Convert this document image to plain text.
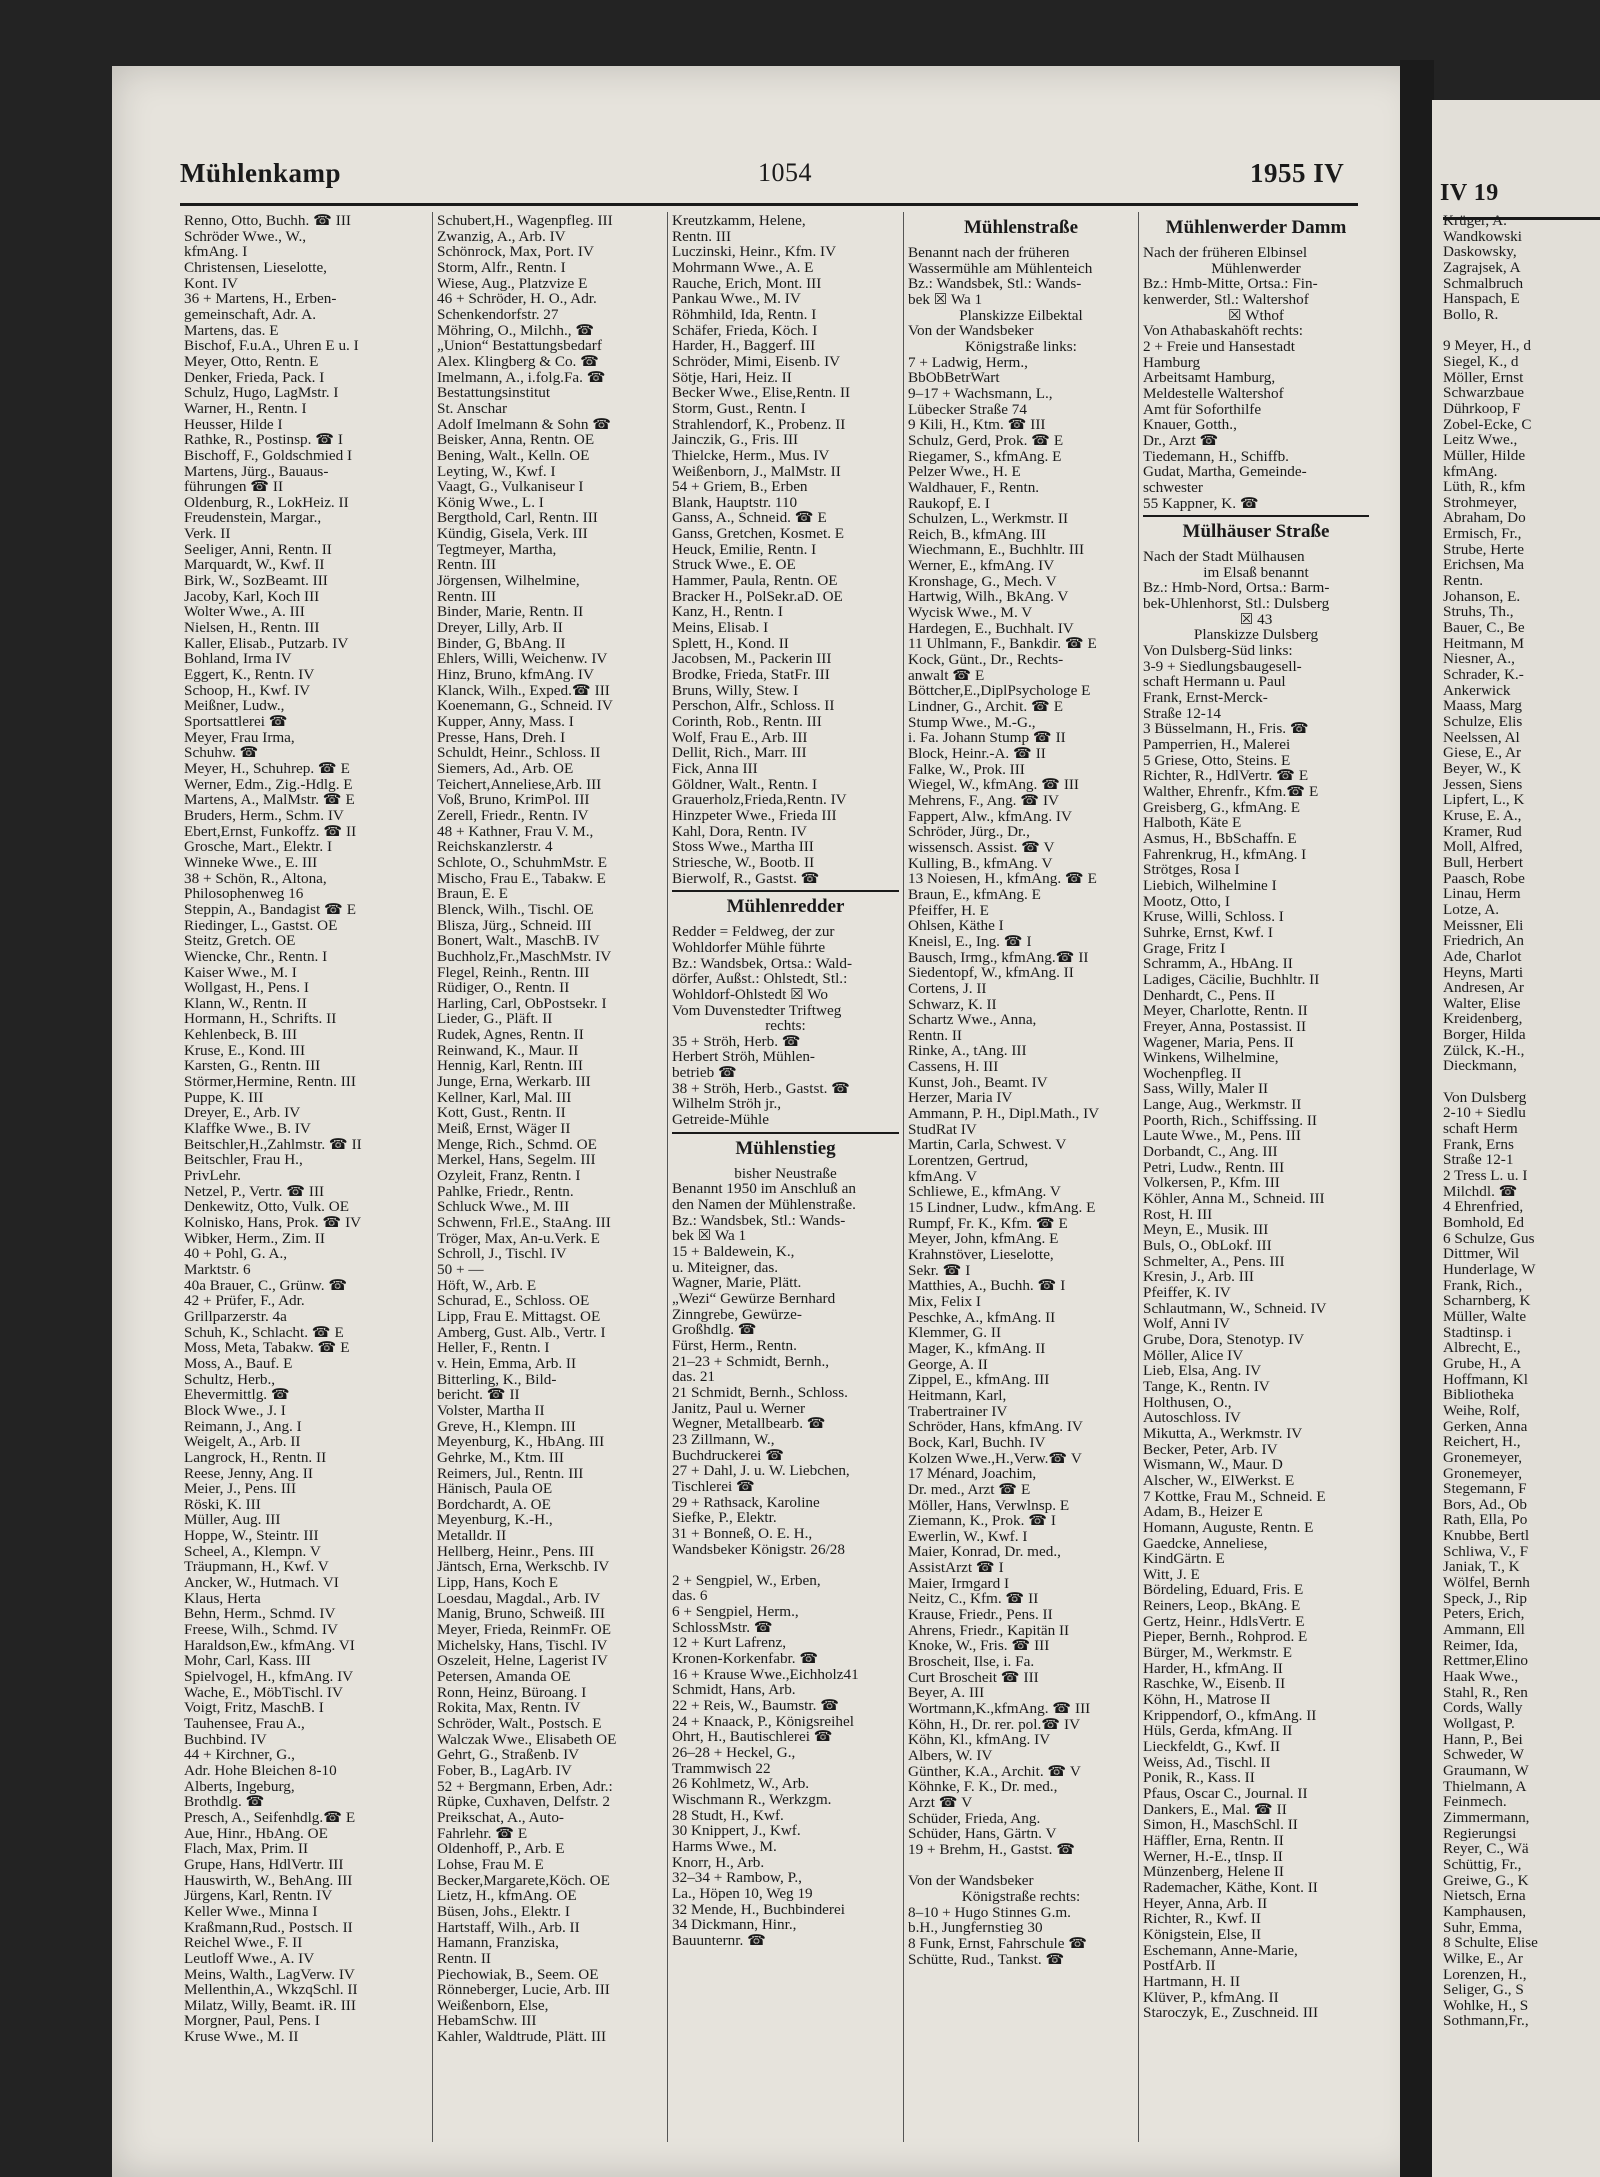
Mühlenkamp	1054	1955 IV
IV 19
Renno, Otto, Buchh. ☎ III
Schröder Wwe., W.,
kfmAng. I
Christensen, Lieselotte,
Kont. IV
36 + Martens, H., Erben-
gemeinschaft, Adr. A.
Martens, das. E
Bischof, F.u.A., Uhren E u. I
Meyer, Otto, Rentn. E
Denker, Frieda, Pack. I
Schulz, Hugo, LagMstr. I
Warner, H., Rentn. I
Heusser, Hilde I
Rathke, R., Postinsp. ☎ I
Bischoff, F., Goldschmied I
Martens, Jürg., Bauaus-
führungen ☎ II
Oldenburg, R., LokHeiz. II
Freudenstein, Margar.,
Verk. II
Seeliger, Anni, Rentn. II
Marquardt, W., Kwf. II
Birk, W., SozBeamt. III
Jacoby, Karl, Koch III
Wolter Wwe., A. III
Nielsen, H., Rentn. III
Kaller, Elisab., Putzarb. IV
Bohland, Irma IV
Eggert, K., Rentn. IV
Schoop, H., Kwf. IV
Meißner, Ludw.,
Sportsattlerei ☎
Meyer, Frau Irma,
Schuhw. ☎
Meyer, H., Schuhrep. ☎ E
Werner, Edm., Zig.-Hdlg. E
Martens, A., MalMstr. ☎ E
Bruders, Herm., Schm. IV
Ebert,Ernst, Funkoffz. ☎ II
Grosche, Mart., Elektr. I
Winneke Wwe., E. III
38 + Schön, R., Altona,
Philosophenweg 16
Steppin, A., Bandagist ☎ E
Riedinger, L., Gastst. OE
Steitz, Gretch. OE
Wiencke, Chr., Rentn. I
Kaiser Wwe., M. I
Wollgast, H., Pens. I
Klann, W., Rentn. II
Hormann, H., Schrifts. II
Kehlenbeck, B. III
Kruse, E., Kond. III
Karsten, G., Rentn. III
Störmer,Hermine, Rentn. III
Puppe, K. III
Dreyer, E., Arb. IV
Klaffke Wwe., B. IV
Beitschler,H.,Zahlmstr. ☎ II
Beitschler, Frau H.,
PrivLehr.
Netzel, P., Vertr. ☎ III
Denkewitz, Otto, Vulk. OE
Kolnisko, Hans, Prok. ☎ IV
Wibker, Herm., Zim. II
40 + Pohl, G. A.,
Marktstr. 6
40a Brauer, C., Grünw. ☎
42 + Prüfer, F., Adr.
Grillparzerstr. 4a
Schuh, K., Schlacht. ☎ E
Moss, Meta, Tabakw. ☎ E
Moss, A., Bauf. E
Schultz, Herb.,
Ehevermittlg. ☎
Block Wwe., J. I
Reimann, J., Ang. I
Weigelt, A., Arb. II
Langrock, H., Rentn. II
Reese, Jenny, Ang. II
Meier, J., Pens. III
Röski, K. III
Müller, Aug. III
Hoppe, W., Steintr. III
Scheel, A., Klempn. V
Träupmann, H., Kwf. V
Ancker, W., Hutmach. VI
Klaus, Herta
Behn, Herm., Schmd. IV
Freese, Wilh., Schmd. IV
Haraldson,Ew., kfmAng. VI
Mohr, Carl, Kass. III
Spielvogel, H., kfmAng. IV
Wache, E., MöbTischl. IV
Voigt, Fritz, MaschB. I
Tauhensee, Frau A.,
Buchbind. IV
44 + Kirchner, G.,
Adr. Hohe Bleichen 8-10
Alberts, Ingeburg,
Brothdlg. ☎
Presch, A., Seifenhdlg.☎ E
Aue, Hinr., HbAng. OE
Flach, Max, Prim. II
Grupe, Hans, HdlVertr. III
Hauswirth, W., BehAng. III
Jürgens, Karl, Rentn. IV
Keller Wwe., Minna I
Kraßmann,Rud., Postsch. II
Reichel Wwe., F. II
Leutloff Wwe., A. IV
Meins, Walth., LagVerw. IV
Mellenthin,A., WkzqSchl. II
Milatz, Willy, Beamt. iR. III
Morgner, Paul, Pens. I
Kruse Wwe., M. II
Schubert,H., Wagenpfleg. III
Zwanzig, A., Arb. IV
Schönrock, Max, Port. IV
Storm, Alfr., Rentn. I
Wiese, Aug., Platzvize E
46 + Schröder, H. O., Adr.
Schenkendorfstr. 27
Möhring, O., Milchh., ☎
„Union“ Bestattungsbedarf
Alex. Klingberg & Co. ☎
Imelmann, A., i.folg.Fa. ☎
Bestattungsinstitut
St. Anschar
Adolf Imelmann & Sohn ☎
Beisker, Anna, Rentn. OE
Bening, Walt., Kelln. OE
Leyting, W., Kwf. I
Vaagt, G., Vulkaniseur I
König Wwe., L. I
Bergthold, Carl, Rentn. III
Kündig, Gisela, Verk. III
Tegtmeyer, Martha,
Rentn. III
Jörgensen, Wilhelmine,
Rentn. III
Binder, Marie, Rentn. II
Dreyer, Lilly, Arb. II
Binder, G, BbAng. II
Ehlers, Willi, Weichenw. IV
Hinz, Bruno, kfmAng. IV
Klanck, Wilh., Exped.☎ III
Koenemann, G., Schneid. IV
Kupper, Anny, Mass. I
Presse, Hans, Dreh. I
Schuldt, Heinr., Schloss. II
Siemers, Ad., Arb. OE
Teichert,Anneliese,Arb. III
Voß, Bruno, KrimPol. III
Zerell, Friedr., Rentn. IV
48 + Kathner, Frau V. M.,
Reichskanzlerstr. 4
Schlote, O., SchuhmMstr. E
Mischo, Frau E., Tabakw. E
Braun, E. E
Blenck, Wilh., Tischl. OE
Blisza, Jürg., Schneid. III
Bonert, Walt., MaschB. IV
Buchholz,Fr.,MaschMstr. IV
Flegel, Reinh., Rentn. III
Rüdiger, O., Rentn. II
Harling, Carl, ObPostsekr. I
Lieder, G., Pläft. II
Rudek, Agnes, Rentn. II
Reinwand, K., Maur. II
Hennig, Karl, Rentn. III
Junge, Erna, Werkarb. III
Kellner, Karl, Mal. III
Kott, Gust., Rentn. II
Meiß, Ernst, Wäger II
Menge, Rich., Schmd. OE
Merkel, Hans, Segelm. III
Ozyleit, Franz, Rentn. I
Pahlke, Friedr., Rentn.
Schluck Wwe., M. III
Schwenn, Frl.E., StaAng. III
Tröger, Max, An-u.Verk. E
Schroll, J., Tischl. IV
50 + —
Höft, W., Arb. E
Schurad, E., Schloss. OE
Lipp, Frau E. Mittagst. OE
Amberg, Gust. Alb., Vertr. I
Heller, F., Rentn. I
v. Hein, Emma, Arb. II
Bitterling, K., Bild-
bericht. ☎ II
Volster, Martha II
Greve, H., Klempn. III
Meyenburg, K., HbAng. III
Gehrke, M., Ktm. III
Reimers, Jul., Rentn. III
Hänisch, Paula OE
Bordchardt, A. OE
Meyenburg, K.-H.,
Metalldr. II
Hellberg, Heinr., Pens. III
Jäntsch, Erna, Werkschb. IV
Lipp, Hans, Koch E
Loesdau, Magdal., Arb. IV
Manig, Bruno, Schweiß. III
Meyer, Frieda, ReinmFr. OE
Michelsky, Hans, Tischl. IV
Oszeleit, Helne, Lagerist IV
Petersen, Amanda OE
Ronn, Heinz, Büroang. I
Rokita, Max, Rentn. IV
Schröder, Walt., Postsch. E
Walczak Wwe., Elisabeth OE
Gehrt, G., Straßenb. IV
Fober, B., LagArb. IV
52 + Bergmann, Erben, Adr.:
Rüpke, Cuxhaven, Delfstr. 2
Preikschat, A., Auto-
Fahrlehr. ☎ E
Oldenhoff, P., Arb. E
Lohse, Frau M. E
Becker,Margarete,Köch. OE
Lietz, H., kfmAng. OE
Büsen, Johs., Elektr. I
Hartstaff, Wilh., Arb. II
Hamann, Franziska,
Rentn. II
Piechowiak, B., Seem. OE
Rönneberger, Lucie, Arb. III
Weißenborn, Else,
HebamSchw. III
Kahler, Waldtrude, Plätt. III
Kreutzkamm, Helene,
Rentn. III
Luczinski, Heinr., Kfm. IV
Mohrmann Wwe., A. E
Rauche, Erich, Mont. III
Pankau Wwe., M. IV
Röhmhild, Ida, Rentn. I
Schäfer, Frieda, Köch. I
Harder, H., Baggerf. III
Schröder, Mimi, Eisenb. IV
Sötje, Hari, Heiz. II
Becker Wwe., Elise,Rentn. II
Storm, Gust., Rentn. I
Strahlendorf, K., Probenz. II
Jainczik, G., Fris. III
Thielcke, Herm., Mus. IV
Weißenborn, J., MalMstr. II
54 + Griem, B., Erben
Blank, Hauptstr. 110
Ganss, A., Schneid. ☎ E
Ganss, Gretchen, Kosmet. E
Heuck, Emilie, Rentn. I
Struck Wwe., E. OE
Hammer, Paula, Rentn. OE
Bracker H., PolSekr.aD. OE
Kanz, H., Rentn. I
Meins, Elisab. I
Splett, H., Kond. II
Jacobsen, M., Packerin III
Brodke, Frieda, StatFr. III
Bruns, Willy, Stew. I
Perschon, Alfr., Schloss. II
Corinth, Rob., Rentn. III
Wolf, Frau E., Arb. III
Dellit, Rich., Marr. III
Fick, Anna III
Göldner, Walt., Rentn. I
Grauerholz,Frieda,Rentn. IV
Hinzpeter Wwe., Frieda III
Kahl, Dora, Rentn. IV
Stoss Wwe., Martha III
Striesche, W., Bootb. II
Bierwolf, R., Gastst. ☎
Mühlenredder
Redder = Feldweg, der zur
Wohldorfer Mühle führte
Bz.: Wandsbek, Ortsa.: Wald-
dörfer, Außst.: Ohlstedt, Stl.:
Wohldorf-Ohlstedt ☒ Wo
Vom Duvenstedter Triftweg
rechts:
35 + Ströh, Herb. ☎
Herbert Ströh, Mühlen-
betrieb ☎
38 + Ströh, Herb., Gastst. ☎
Wilhelm Ströh jr.,
Getreide-Mühle
Mühlenstieg
bisher Neustraße
Benannt 1950 im Anschluß an
den Namen der Mühlenstraße.
Bz.: Wandsbek, Stl.: Wands-
bek ☒ Wa 1
15 + Baldewein, K.,
u. Miteigner, das.
Wagner, Marie, Plätt.
„Wezi“ Gewürze Bernhard
Zinngrebe, Gewürze-
Großhdlg. ☎
Fürst, Herm., Rentn.
21–23 + Schmidt, Bernh.,
das. 21
21 Schmidt, Bernh., Schloss.
Janitz, Paul u. Werner
Wegner, Metallbearb. ☎
23 Zillmann, W.,
Buchdruckerei ☎
27 + Dahl, J. u. W. Liebchen,
Tischlerei ☎
29 + Rathsack, Karoline
Siefke, P., Elektr.
31 + Bonneß, O. E. H.,
Wandsbeker Königstr. 26/28

2 + Sengpiel, W., Erben,
das. 6
6 + Sengpiel, Herm.,
SchlossMstr. ☎
12 + Kurt Lafrenz,
Kronen-Korkenfabr. ☎
16 + Krause Wwe.,Eichholz41
Schmidt, Hans, Arb.
22 + Reis, W., Baumstr. ☎
24 + Knaack, P., Königsreihel
Ohrt, H., Bautischlerei ☎
26–28 + Heckel, G.,
Trammwisch 22
26 Kohlmetz, W., Arb.
Wischmann R., Werkzgm.
28 Studt, H., Kwf.
30 Knippert, J., Kwf.
Harms Wwe., M.
Knorr, H., Arb.
32–34 + Rambow, P.,
La., Höpen 10, Weg 19
32 Mende, H., Buchbinderei
34 Dickmann, Hinr.,
Bauunternr. ☎
Mühlenstraße
Benannt nach der früheren
Wassermühle am Mühlenteich
Bz.: Wandsbek, Stl.: Wands-
bek ☒ Wa 1
Planskizze Eilbektal
Von der Wandsbeker
Königstraße links:
7 + Ladwig, Herm.,
BbObBetrWart
9–17 + Wachsmann, L.,
Lübecker Straße 74
9 Kili, H., Ktm. ☎ III
Schulz, Gerd, Prok. ☎ E
Riegamer, S., kfmAng. E
Pelzer Wwe., H. E
Waldhauer, F., Rentn.
Raukopf, E. I
Schulzen, L., Werkmstr. II
Reich, B., kfmAng. III
Wiechmann, E., Buchhltr. III
Werner, E., kfmAng. IV
Kronshage, G., Mech. V
Hartwig, Wilh., BkAng. V
Wycisk Wwe., M. V
Hardegen, E., Buchhalt. IV
11 Uhlmann, F., Bankdir. ☎ E
Kock, Günt., Dr., Rechts-
anwalt ☎ E
Böttcher,E.,DiplPsychologe E
Lindner, G., Archit. ☎ E
Stump Wwe., M.-G.,
i. Fa. Johann Stump ☎ II
Block, Heinr.-A. ☎ II
Falke, W., Prok. III
Wiegel, W., kfmAng. ☎ III
Mehrens, F., Ang. ☎ IV
Fappert, Alw., kfmAng. IV
Schröder, Jürg., Dr.,
wissensch. Assist. ☎ V
Kulling, B., kfmAng. V
13 Noiesen, H., kfmAng. ☎ E
Braun, E., kfmAng. E
Pfeiffer, H. E
Ohlsen, Käthe I
Kneisl, E., Ing. ☎ I
Bausch, Irmg., kfmAng.☎ II
Siedentopf, W., kfmAng. II
Cortens, J. II
Schwarz, K. II
Schartz Wwe., Anna,
Rentn. II
Rinke, A., tAng. III
Cassens, H. III
Kunst, Joh., Beamt. IV
Herzer, Maria IV
Ammann, P. H., Dipl.Math., IV
StudRat IV
Martin, Carla, Schwest. V
Lorentzen, Gertrud,
kfmAng. V
Schliewe, E., kfmAng. V
15 Lindner, Ludw., kfmAng. E
Rumpf, Fr. K., Kfm. ☎ E
Meyer, John, kfmAng. E
Krahnstöver, Lieselotte,
Sekr. ☎ I
Matthies, A., Buchh. ☎ I
Mix, Felix I
Peschke, A., kfmAng. II
Klemmer, G. II
Mager, K., kfmAng. II
George, A. II
Zippel, E., kfmAng. III
Heitmann, Karl,
Trabertrainer IV
Schröder, Hans, kfmAng. IV
Bock, Karl, Buchh. IV
Kolzen Wwe.,H.,Verw.☎ V
17 Ménard, Joachim,
Dr. med., Arzt ☎ E
Möller, Hans, Verwlnsp. E
Ziemann, K., Prok. ☎ I
Ewerlin, W., Kwf. I
Maier, Konrad, Dr. med.,
AssistArzt ☎ I
Maier, Irmgard I
Neitz, C., Kfm. ☎ II
Krause, Friedr., Pens. II
Ahrens, Friedr., Kapitän II
Knoke, W., Fris. ☎ III
Broscheit, Ilse, i. Fa.
Curt Broscheit ☎ III
Beyer, A. III
Wortmann,K.,kfmAng. ☎ III
Köhn, H., Dr. rer. pol.☎ IV
Köhn, Kl., kfmAng. IV
Albers, W. IV
Günther, K.A., Archit. ☎ V
Köhnke, F. K., Dr. med.,
Arzt ☎ V
Schüder, Frieda, Ang.
Schüder, Hans, Gärtn. V
19 + Brehm, H., Gastst. ☎

Von der Wandsbeker
Königstraße rechts:
8–10 + Hugo Stinnes G.m.
b.H., Jungfernstieg 30
8 Funk, Ernst, Fahrschule ☎
Schütte, Rud., Tankst. ☎
Mühlenwerder Damm
Nach der früheren Elbinsel
Mühlenwerder
Bz.: Hmb-Mitte, Ortsa.: Fin-
kenwerder, Stl.: Waltershof
☒ Wthof
Von Athabaskahöft rechts:
2 + Freie und Hansestadt
Hamburg
Arbeitsamt Hamburg,
Meldestelle Waltershof
Amt für Soforthilfe
Knauer, Gotth.,
Dr., Arzt ☎
Tiedemann, H., Schiffb.
Gudat, Martha, Gemeinde-
schwester
55 Kappner, K. ☎
Mülhäuser Straße
Nach der Stadt Mülhausen
im Elsaß benannt
Bz.: Hmb-Nord, Ortsa.: Barm-
bek-Uhlenhorst, Stl.: Dulsberg
☒ 43
Planskizze Dulsberg
Von Dulsberg-Süd links:
3-9 + Siedlungsbaugesell-
schaft Hermann u. Paul
Frank, Ernst-Merck-
Straße 12-14
3 Büsselmann, H., Fris. ☎
Pamperrien, H., Malerei
5 Griese, Otto, Steins. E
Richter, R., HdlVertr. ☎ E
Walther, Ehrenfr., Kfm.☎ E
Greisberg, G., kfmAng. E
Halboth, Käte E
Asmus, H., BbSchaffn. E
Fahrenkrug, H., kfmAng. I
Strötges, Rosa I
Liebich, Wilhelmine I
Mootz, Otto, I
Kruse, Willi, Schloss. I
Suhrke, Ernst, Kwf. I
Grage, Fritz I
Schramm, A., HbAng. II
Ladiges, Cäcilie, Buchhltr. II
Denhardt, C., Pens. II
Meyer, Charlotte, Rentn. II
Freyer, Anna, Postassist. II
Wagener, Maria, Pens. II
Winkens, Wilhelmine,
Wochenpfleg. II
Sass, Willy, Maler II
Lange, Aug., Werkmstr. II
Poorth, Rich., Schiffssing. II
Laute Wwe., M., Pens. III
Dorbandt, C., Ang. III
Petri, Ludw., Rentn. III
Volkersen, P., Kfm. III
Köhler, Anna M., Schneid. III
Rost, H. III
Meyn, E., Musik. III
Buls, O., ObLokf. III
Schmelter, A., Pens. III
Kresin, J., Arb. III
Pfeiffer, K. IV
Schlautmann, W., Schneid. IV
Wolf, Anni IV
Grube, Dora, Stenotyp. IV
Möller, Alice IV
Lieb, Elsa, Ang. IV
Tange, K., Rentn. IV
Holthusen, O.,
Autoschloss. IV
Mikutta, A., Werkmstr. IV
Becker, Peter, Arb. IV
Wismann, W., Maur. D
Alscher, W., ElWerkst. E
7 Kottke, Frau M., Schneid. E
Adam, B., Heizer E
Homann, Auguste, Rentn. E
Gaedcke, Anneliese,
KindGärtn. E
Witt, J. E
Bördeling, Eduard, Fris. E
Reiners, Leop., BkAng. E
Gertz, Heinr., HdlsVertr. E
Pieper, Bernh., Rohprod. E
Bürger, M., Werkmstr. E
Harder, H., kfmAng. II
Raschke, W., Eisenb. II
Köhn, H., Matrose II
Krippendorf, O., kfmAng. II
Hüls, Gerda, kfmAng. II
Lieckfeldt, G., Kwf. II
Weiss, Ad., Tischl. II
Ponik, R., Kass. II
Pfaus, Oscar C., Journal. II
Dankers, E., Mal. ☎ II
Simon, H., MaschSchl. II
Häffler, Erna, Rentn. II
Werner, H.-E., tInsp. II
Münzenberg, Helene II
Rademacher, Käthe, Kont. II
Heyer, Anna, Arb. II
Richter, R., Kwf. II
Königstein, Else, II
Eschemann, Anne-Marie,
PostfArb. II
Hartmann, H. II
Klüver, P., kfmAng. II
Staroczyk, E., Zuschneid. III
Krüger, A.
Wandkowski
Daskowsky,
Zagrajsek, A
Schmalbruch
Hanspach, E
Bollo, R.

9 Meyer, H., d
Siegel, K., d
Möller, Ernst
Schwarzbaue
Dührkoop, F
Zobel-Ecke, C
Leitz Wwe.,
Müller, Hilde
kfmAng.
Lüth, R., kfm
Strohmeyer,
Abraham, Do
Ermisch, Fr.,
Strube, Herte
Erichsen, Ma
Rentn.
Johanson, E.
Struhs, Th.,
Bauer, C., Be
Heitmann, M
Niesner, A.,
Schrader, K.-
Ankerwick
Maass, Marg
Schulze, Elis
Neelssen, Al
Giese, E., Ar
Beyer, W., K
Jessen, Siens
Lipfert, L., K
Kruse, E. A.,
Kramer, Rud
Moll, Alfred,
Bull, Herbert
Paasch, Robe
Linau, Herm
Lotze, A.
Meissner, Eli
Friedrich, An
Ade, Charlot
Heyns, Marti
Andresen, Ar
Walter, Elise
Kreidenberg,
Borger, Hilda
Zülck, K.-H.,
Dieckmann,

Von Dulsberg
2-10 + Siedlu
schaft Herm
Frank, Erns
Straße 12-1
2 Tress L. u. I
Milchdl. ☎
4 Ehrenfried,
Bomhold, Ed
6 Schulze, Gus
Dittmer, Wil
Hunderlage, W
Frank, Rich.,
Scharnberg, K
Müller, Walte
Stadtinsp. i
Albrecht, E.,
Grube, H., A
Hoffmann, Kl
Bibliotheka
Weihe, Rolf,
Gerken, Anna
Reichert, H.,
Gronemeyer,
Gronemeyer,
Stegemann, F
Bors, Ad., Ob
Rath, Ella, Po
Knubbe, Bertl
Schliwa, V., F
Janiak, T., K
Wölfel, Bernh
Speck, J., Rip
Peters, Erich,
Ammann, Ell
Reimer, Ida,
Rettmer,Elino
Haak Wwe.,
Stahl, R., Ren
Cords, Wally
Wollgast, P.
Hann, P., Bei
Schweder, W
Graumann, W
Thielmann, A
Feinmech.
Zimmermann,
Regierungsi
Reyer, C., Wä
Schüttig, Fr.,
Greiwe, G., K
Nietsch, Erna
Kamphausen,
Suhr, Emma,
8 Schulte, Elise
Wilke, E., Ar
Lorenzen, H.,
Seliger, G., S
Wohlke, H., S
Sothmann,Fr.,
